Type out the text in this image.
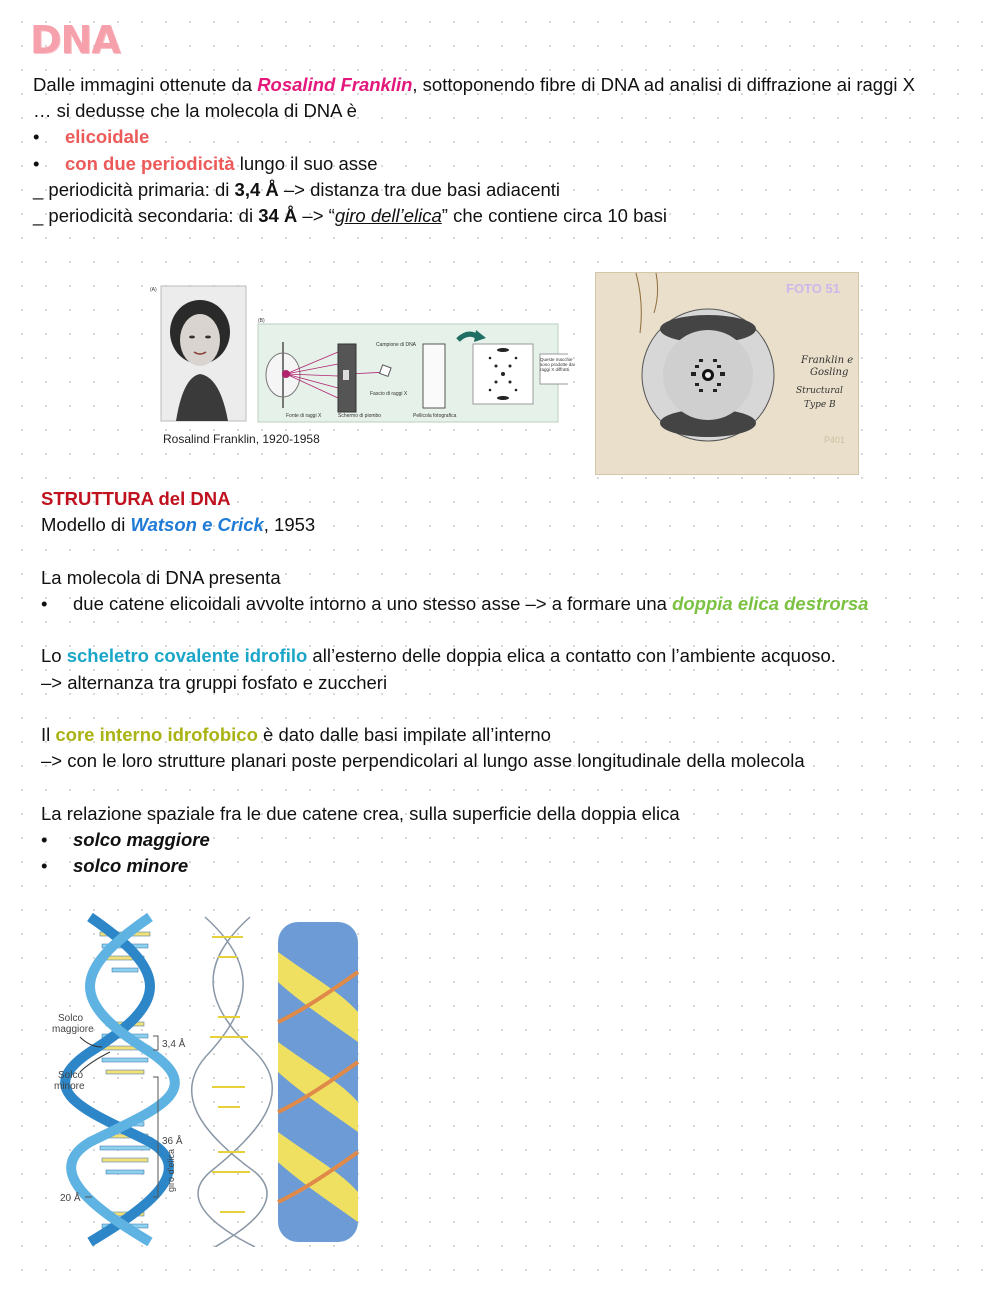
DNA
Dalle immagini ottenute da Rosalind Franklin, sottoponendo fibre di DNA ad analisi di diffrazione ai raggi X
… si dedusse che la molecola di DNA è
• elicoidale
• con due periodicità lungo il suo asse
_ periodicità primaria: di 3,4 Å –> distanza tra due basi adiacenti
_ periodicità secondaria: di 34 Å –> “giro dell’elica” che contiene circa 10 basi
(A)
(B)
Campione di DNA
Fascio di raggi X
Fonte di raggi X	Schermo di piombo	Pellicola fotografica
Queste macchie sono prodotte dai raggi X diffratti.
Rosalind Franklin, 1920-1958
FOTO 51
Franklin e
Gosling
Structural
Type B
P401
STRUTTURA del DNA
Modello di Watson e Crick, 1953
La molecola di DNA presenta
• due catene elicoidali avvolte intorno a uno stesso asse –> a formare una doppia elica destrorsa
Lo scheletro covalente idrofilo all’esterno delle doppia elica a contatto con l’ambiente acquoso.
–> alternanza tra gruppi fosfato e zuccheri
Il core interno idrofobico è dato dalle basi impilate all’interno
–> con le loro strutture planari poste perpendicolari al lungo asse longitudinale della molecola
La relazione spaziale fra le due catene crea, sulla superficie della doppia elica
• solco maggiore
• solco minore
Solco
maggiore
Solco
minore
3,4 Å
36 Å
giro d’elica
20 Å
